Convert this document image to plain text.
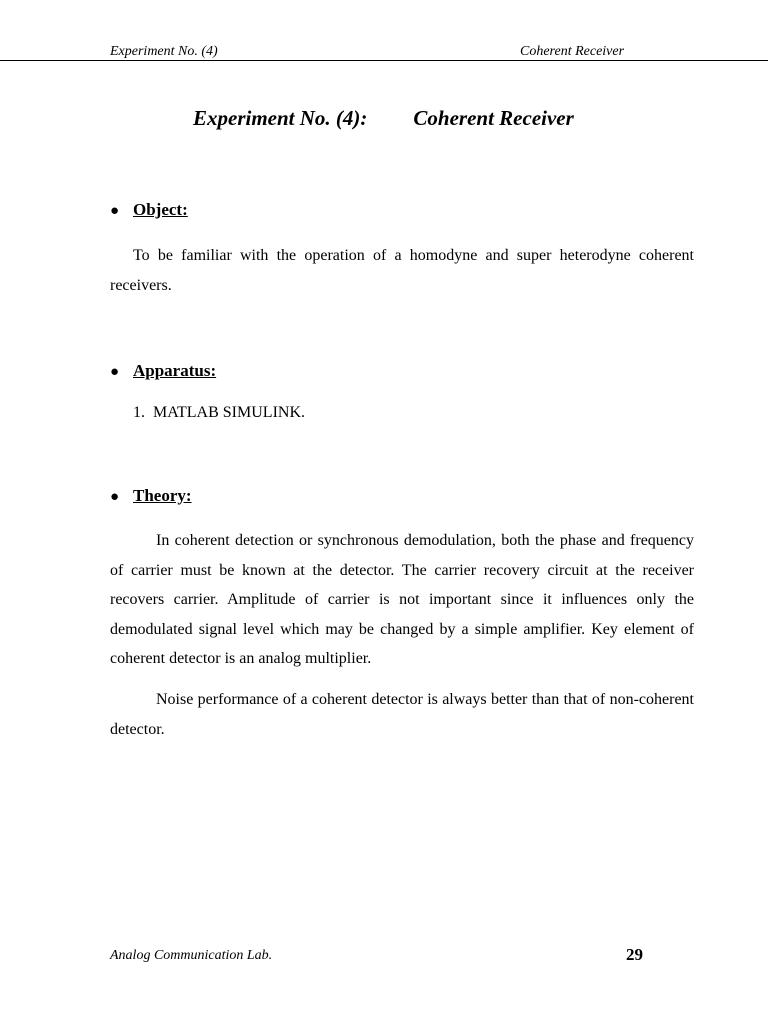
Experiment No. (4)	Coherent Receiver
Experiment No. (4): Coherent Receiver
● Object:
To be familiar with the operation of a homodyne and super heterodyne coherent receivers.
● Apparatus:
1. MATLAB SIMULINK.
● Theory:
In coherent detection or synchronous demodulation, both the phase and frequency of carrier must be known at the detector. The carrier recovery circuit at the receiver recovers carrier. Amplitude of carrier is not important since it influences only the demodulated signal level which may be changed by a simple amplifier. Key element of coherent detector is an analog multiplier.
Noise performance of a coherent detector is always better than that of non-coherent detector.
Analog Communication Lab.	29
